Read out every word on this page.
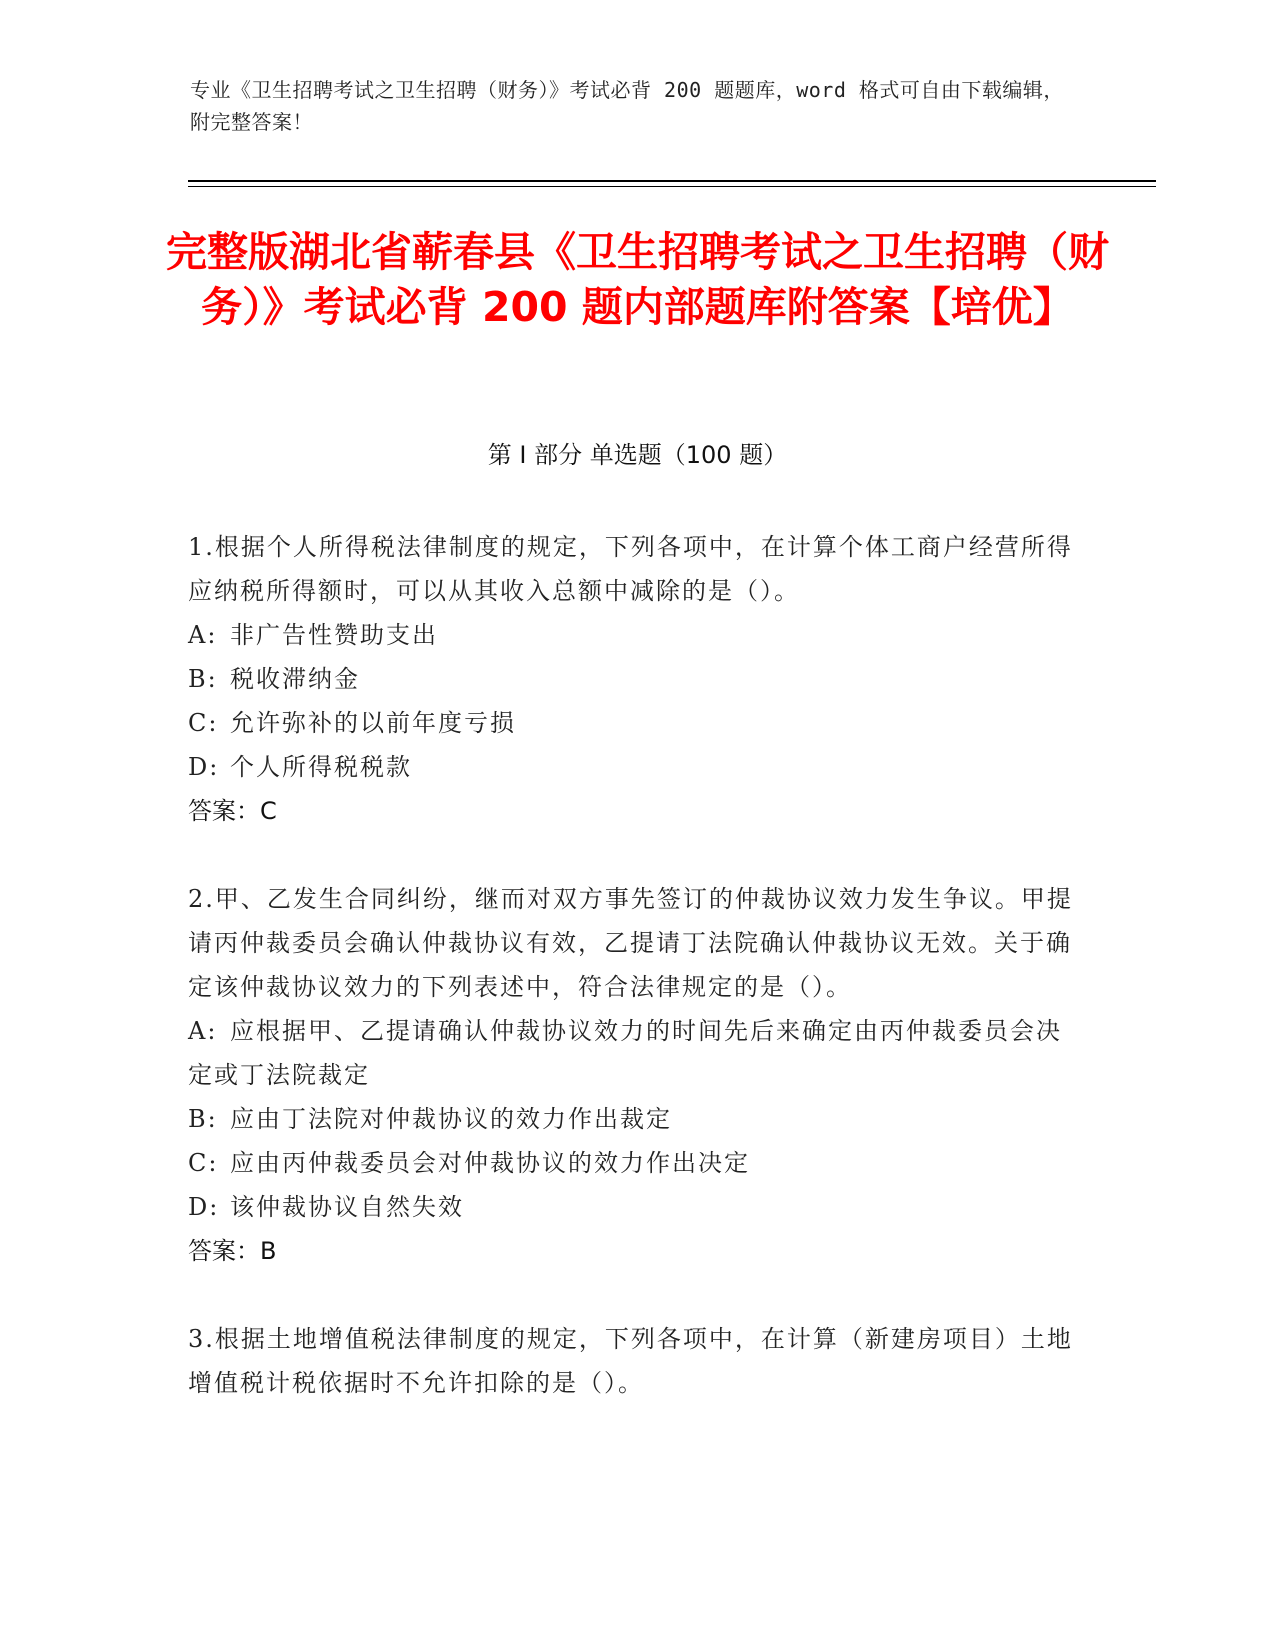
专业《卫生招聘考试之卫生招聘（财务）》考试必背 200 题题库，word 格式可自由下载编辑，附完整答案！
完整版湖北省蕲春县《卫生招聘考试之卫生招聘（财务）》考试必背 200 题内部题库附答案【培优】
第 I 部分 单选题（100 题）
1.根据个人所得税法律制度的规定，下列各项中，在计算个体工商户经营所得应纳税所得额时，可以从其收入总额中减除的是（）。
A: 非广告性赞助支出
B: 税收滞纳金
C: 允许弥补的以前年度亏损
D: 个人所得税税款
答案：C
2.甲、乙发生合同纠纷，继而对双方事先签订的仲裁协议效力发生争议。甲提请丙仲裁委员会确认仲裁协议有效，乙提请丁法院确认仲裁协议无效。关于确定该仲裁协议效力的下列表述中，符合法律规定的是（）。
A: 应根据甲、乙提请确认仲裁协议效力的时间先后来确定由丙仲裁委员会决定或丁法院裁定
B: 应由丁法院对仲裁协议的效力作出裁定
C: 应由丙仲裁委员会对仲裁协议的效力作出决定
D: 该仲裁协议自然失效
答案：B
3.根据土地增值税法律制度的规定，下列各项中，在计算（新建房项目）土地增值税计税依据时不允许扣除的是（）。
